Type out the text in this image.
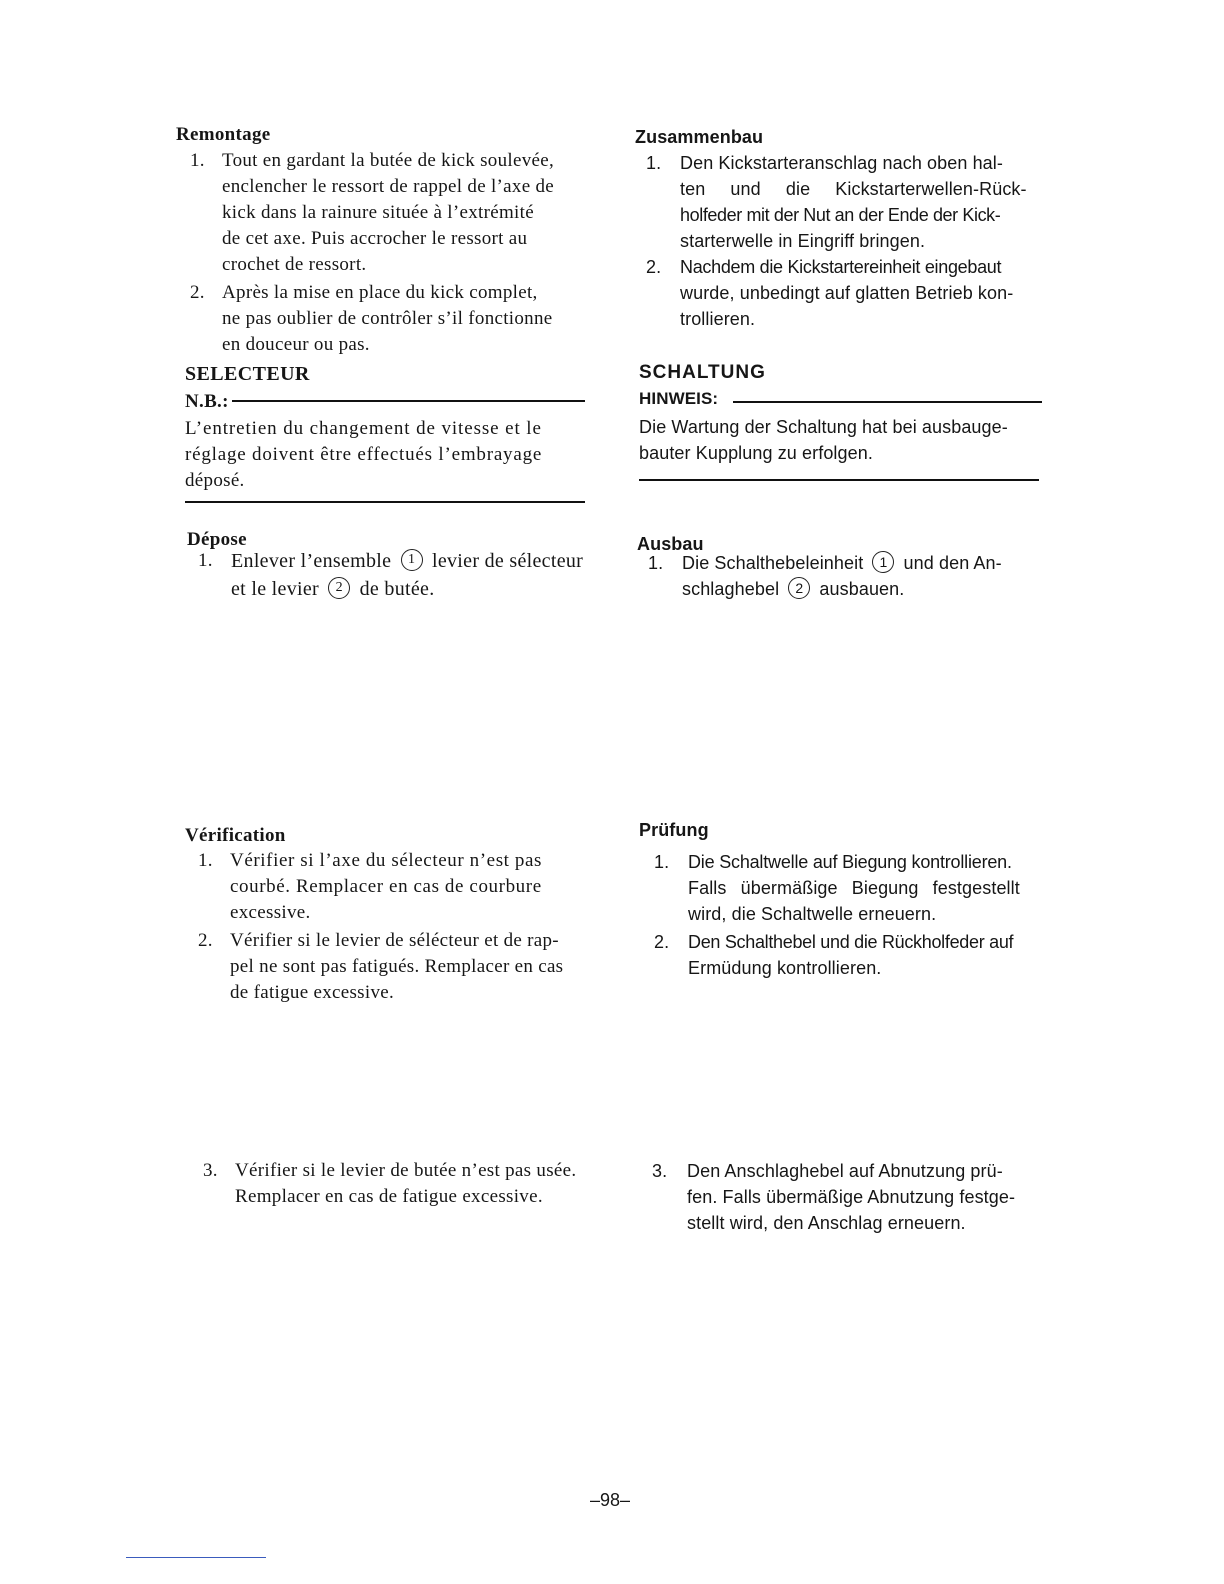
Remontage
1. Tout en gardant la butée de kick soulevée,
enclencher le ressort de rappel de l’axe de
kick dans la rainure située à l’extrémité
de cet axe. Puis accrocher le ressort au
crochet de ressort.
2. Après la mise en place du kick complet,
ne pas oublier de contrôler s’il fonctionne
en douceur ou pas.
SELECTEUR
N.B.:
L’entretien du changement de vitesse et le
réglage doivent être effectués l’embrayage
déposé.
Dépose
1. Enlever l’ensemble 1 levier de sélecteur
et le levier 2 de butée.
Vérification
1. Vérifier si l’axe du sélecteur n’est pas
courbé. Remplacer en cas de courbure
excessive.
2. Vérifier si le levier de sélécteur et de rap-
pel ne sont pas fatigués. Remplacer en cas
de fatigue excessive.
3. Vérifier si le levier de butée n’est pas usée.
Remplacer en cas de fatigue excessive.
Zusammenbau
1. Den Kickstarteranschlag nach oben hal-
ten und die Kickstarterwellen-Rück-
holfeder mit der Nut an der Ende der Kick-
starterwelle in Eingriff bringen.
2. Nachdem die Kickstartereinheit eingebaut
wurde, unbedingt auf glatten Betrieb kon-
trollieren.
SCHALTUNG
HINWEIS:
Die Wartung der Schaltung hat bei ausbauge-
bauter Kupplung zu erfolgen.
Ausbau
1. Die Schalthebeleinheit 1 und den An-
schlaghebel 2 ausbauen.
Prüfung
1. Die Schaltwelle auf Biegung kontrollieren.
Falls übermäßige Biegung festgestellt
wird, die Schaltwelle erneuern.
2. Den Schalthebel und die Rückholfeder auf
Ermüdung kontrollieren.
3. Den Anschlaghebel auf Abnutzung prü-
fen. Falls übermäßige Abnutzung festge-
stellt wird, den Anschlag erneuern.
–98–
